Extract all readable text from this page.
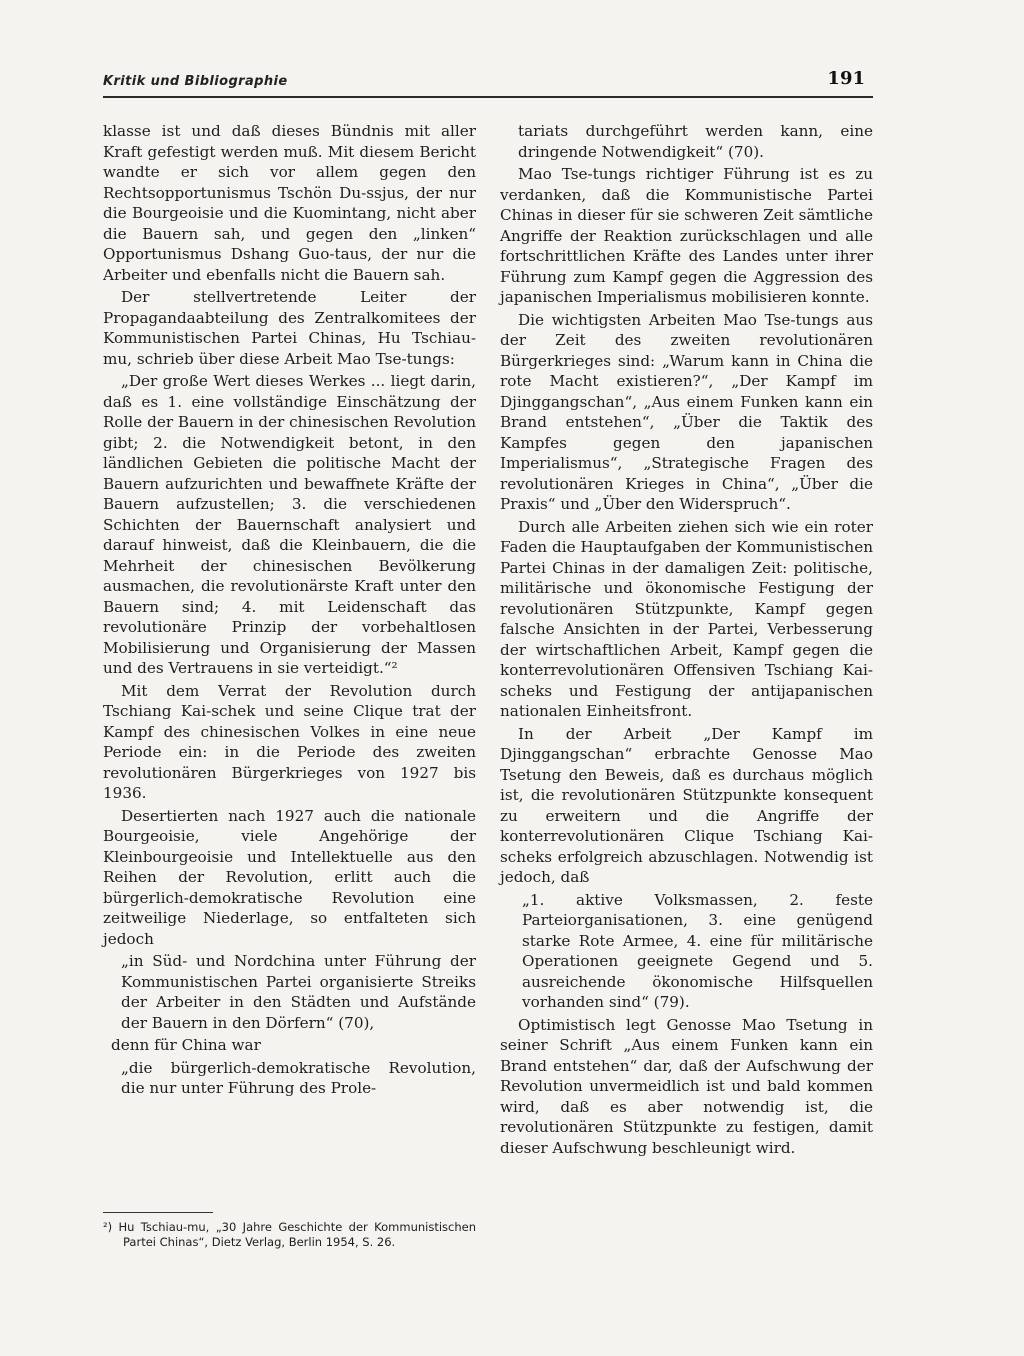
Kritik und Bibliographie	191

klasse ist und daß dieses Bündnis mit aller Kraft gefestigt werden muß. Mit diesem Bericht wandte er sich vor allem gegen den Rechtsopportunismus Tschön Du-ssjus, der nur die Bourgeoisie und die Kuomintang, nicht aber die Bauern sah, und gegen den „linken“ Opportunismus Dshang Guo-taus, der nur die Arbeiter und ebenfalls nicht die Bauern sah.

Der stellvertretende Leiter der Propagandaabteilung des Zentralkomitees der Kommunistischen Partei Chinas, Hu Tschiau-mu, schrieb über diese Arbeit Mao Tse-tungs:

„Der große Wert dieses Werkes ... liegt darin, daß es 1. eine vollständige Einschätzung der Rolle der Bauern in der chinesischen Revolution gibt; 2. die Notwendigkeit betont, in den ländlichen Gebieten die politische Macht der Bauern aufzurichten und bewaffnete Kräfte der Bauern aufzustellen; 3. die verschiedenen Schichten der Bauernschaft analysiert und darauf hinweist, daß die Kleinbauern, die die Mehrheit der chinesischen Bevölkerung ausmachen, die revolutionärste Kraft unter den Bauern sind; 4. mit Leidenschaft das revolutionäre Prinzip der vorbehaltlosen Mobilisierung und Organisierung der Massen und des Vertrauens in sie verteidigt.“²

Mit dem Verrat der Revolution durch Tschiang Kai-schek und seine Clique trat der Kampf des chinesischen Volkes in eine neue Periode ein: in die Periode des zweiten revolutionären Bürgerkrieges von 1927 bis 1936.

Desertierten nach 1927 auch die nationale Bourgeoisie, viele Angehörige der Kleinbourgeoisie und Intellektuelle aus den Reihen der Revolution, erlitt auch die bürgerlich-demokratische Revolution eine zeitweilige Niederlage, so entfalteten sich jedoch

„in Süd- und Nordchina unter Führung der Kommunistischen Partei organisierte Streiks der Arbeiter in den Städten und Aufstände der Bauern in den Dörfern“ (70),

denn für China war

„die bürgerlich-demokratische Revolution, die nur unter Führung des Prole-

tariats durchgeführt werden kann, eine dringende Notwendigkeit“ (70).

Mao Tse-tungs richtiger Führung ist es zu verdanken, daß die Kommunistische Partei Chinas in dieser für sie schweren Zeit sämtliche Angriffe der Reaktion zurückschlagen und alle fortschrittlichen Kräfte des Landes unter ihrer Führung zum Kampf gegen die Aggression des japanischen Imperialismus mobilisieren konnte.

Die wichtigsten Arbeiten Mao Tse-tungs aus der Zeit des zweiten revolutionären Bürgerkrieges sind: „Warum kann in China die rote Macht existieren?“, „Der Kampf im Djinggangschan“, „Aus einem Funken kann ein Brand entstehen“, „Über die Taktik des Kampfes gegen den japanischen Imperialismus“, „Strategische Fragen des revolutionären Krieges in China“, „Über die Praxis“ und „Über den Widerspruch“.

Durch alle Arbeiten ziehen sich wie ein roter Faden die Hauptaufgaben der Kommunistischen Partei Chinas in der damaligen Zeit: politische, militärische und ökonomische Festigung der revolutionären Stützpunkte, Kampf gegen falsche Ansichten in der Partei, Verbesserung der wirtschaftlichen Arbeit, Kampf gegen die konterrevolutionären Offensiven Tschiang Kai-scheks und Festigung der antijapanischen nationalen Einheitsfront.

In der Arbeit „Der Kampf im Djinggangschan“ erbrachte Genosse Mao Tsetung den Beweis, daß es durchaus möglich ist, die revolutionären Stützpunkte konsequent zu erweitern und die Angriffe der konterrevolutionären Clique Tschiang Kai-scheks erfolgreich abzuschlagen. Notwendig ist jedoch, daß

„1. aktive Volksmassen, 2. feste Parteiorganisationen, 3. eine genügend starke Rote Armee, 4. eine für militärische Operationen geeignete Gegend und 5. ausreichende ökonomische Hilfsquellen vorhanden sind“ (79).

Optimistisch legt Genosse Mao Tsetung in seiner Schrift „Aus einem Funken kann ein Brand entstehen“ dar, daß der Aufschwung der Revolution unvermeidlich ist und bald kommen wird, daß es aber notwendig ist, die revolutionären Stützpunkte zu festigen, damit dieser Aufschwung beschleunigt wird.

²) Hu Tschiau-mu, „30 Jahre Geschichte der Kommunistischen Partei Chinas“, Dietz Verlag, Berlin 1954, S. 26.
